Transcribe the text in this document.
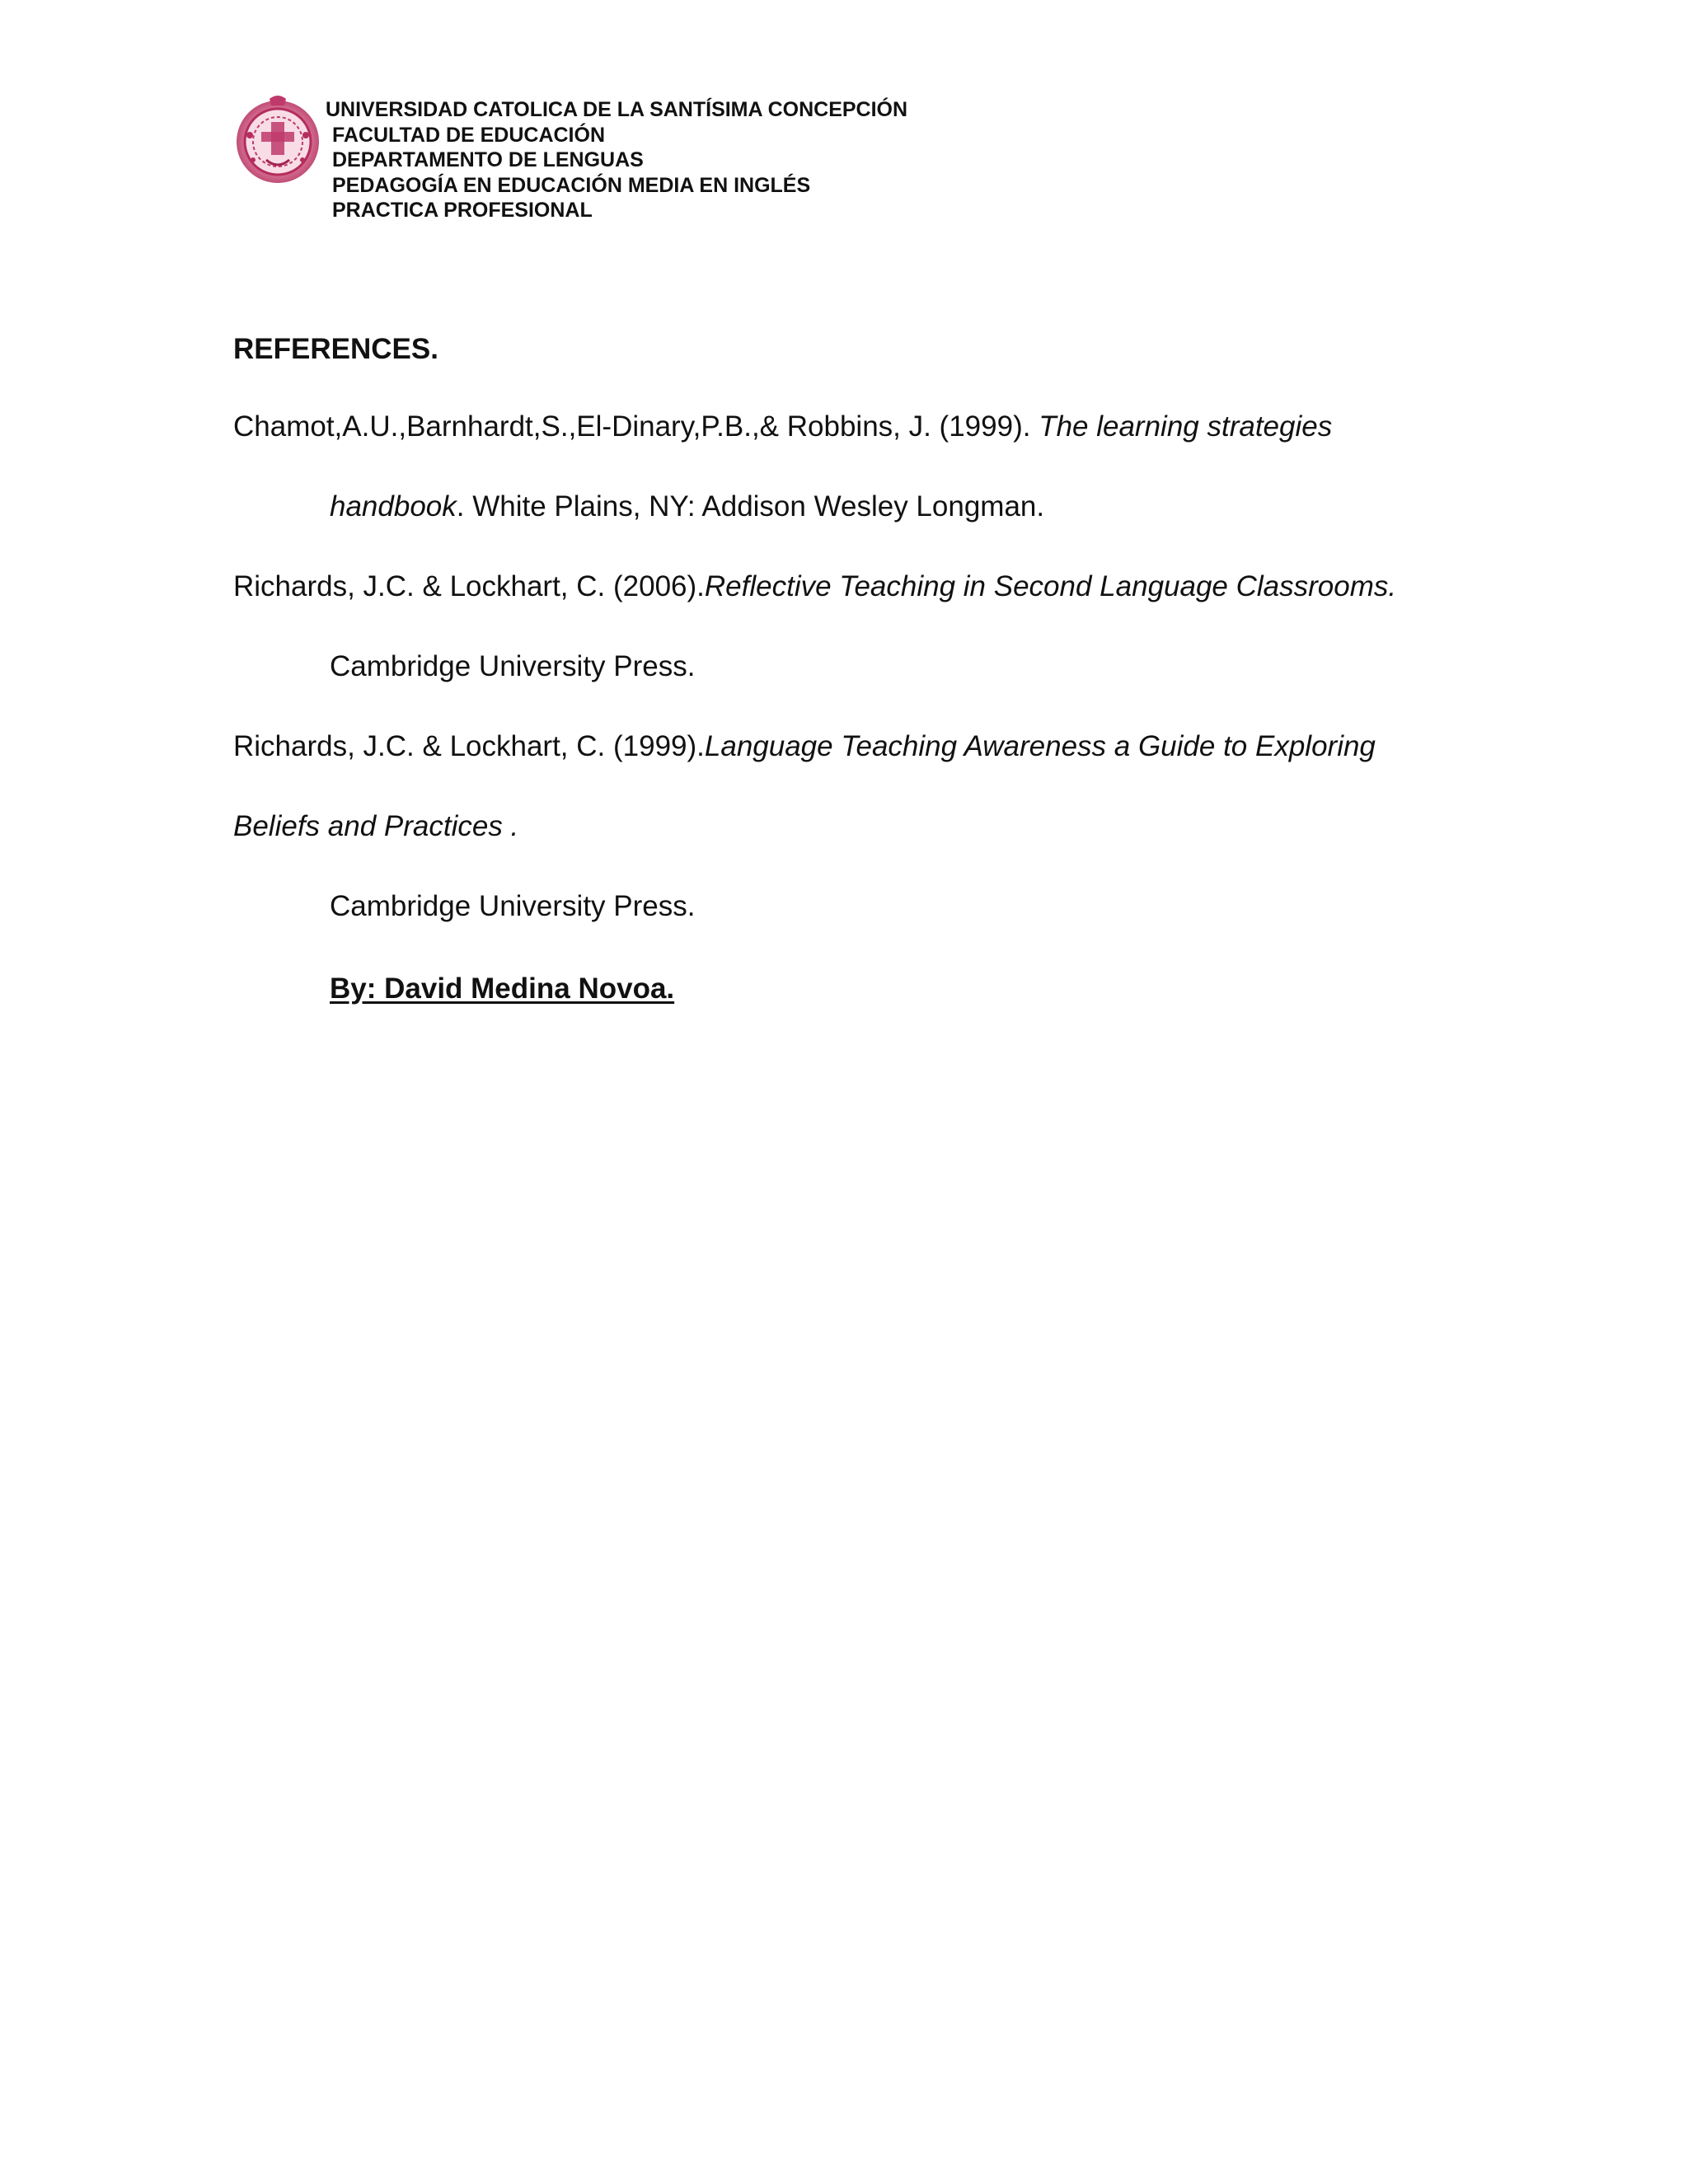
UNIVERSIDAD CATOLICA DE LA SANTÍSIMA CONCEPCIÓN
FACULTAD DE EDUCACIÓN
DEPARTAMENTO DE LENGUAS
PEDAGOGÍA EN EDUCACIÓN MEDIA EN INGLÉS
PRACTICA PROFESIONAL
REFERENCES.
Chamot,A.U.,Barnhardt,S.,El-Dinary,P.B.,& Robbins, J. (1999). The learning strategies
handbook. White Plains, NY: Addison Wesley Longman.
Richards, J.C. & Lockhart, C. (2006).Reflective Teaching in Second Language Classrooms.
Cambridge University Press.
Richards, J.C. & Lockhart, C. (1999).Language Teaching Awareness a Guide to Exploring
Beliefs and Practices .
Cambridge University Press.
By: David Medina Novoa.
